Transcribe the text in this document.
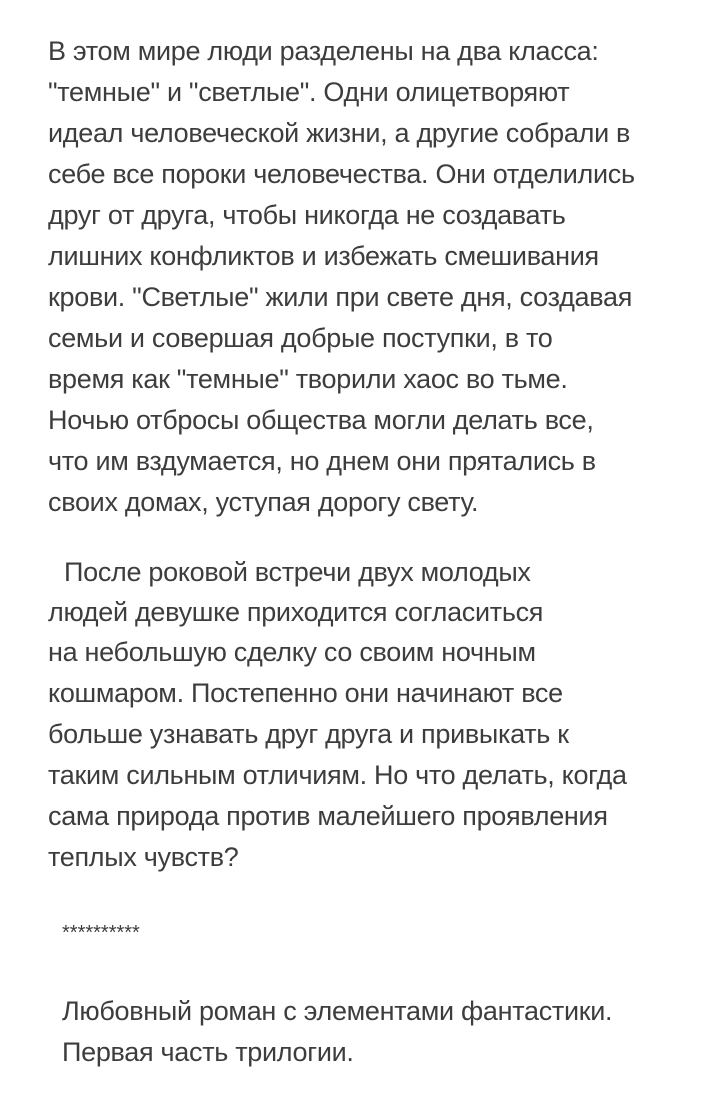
В этом мире люди разделены на два класса:
"темные" и "светлые". Одни олицетворяют
идеал человеческой жизни, а другие собрали в
себе все пороки человечества. Они отделились
друг от друга, чтобы никогда не создавать
лишних конфликтов и избежать смешивания
крови. "Светлые" жили при свете дня, создавая
семьи и совершая добрые поступки, в то
время как "темные" творили хаос во тьме.
Ночью отбросы общества могли делать все,
что им вздумается, но днем они прятались в
своих домах, уступая дорогу свету.
После роковой встречи двух молодых
людей девушке приходится согласиться
на небольшую сделку со своим ночным
кошмаром. Постепенно они начинают все
больше узнавать друг друга и привыкать к
таким сильным отличиям. Но что делать, когда
сама природа против малейшего проявления
теплых чувств?
**********
Любовный роман с элементами фантастики.
Первая часть трилогии.
